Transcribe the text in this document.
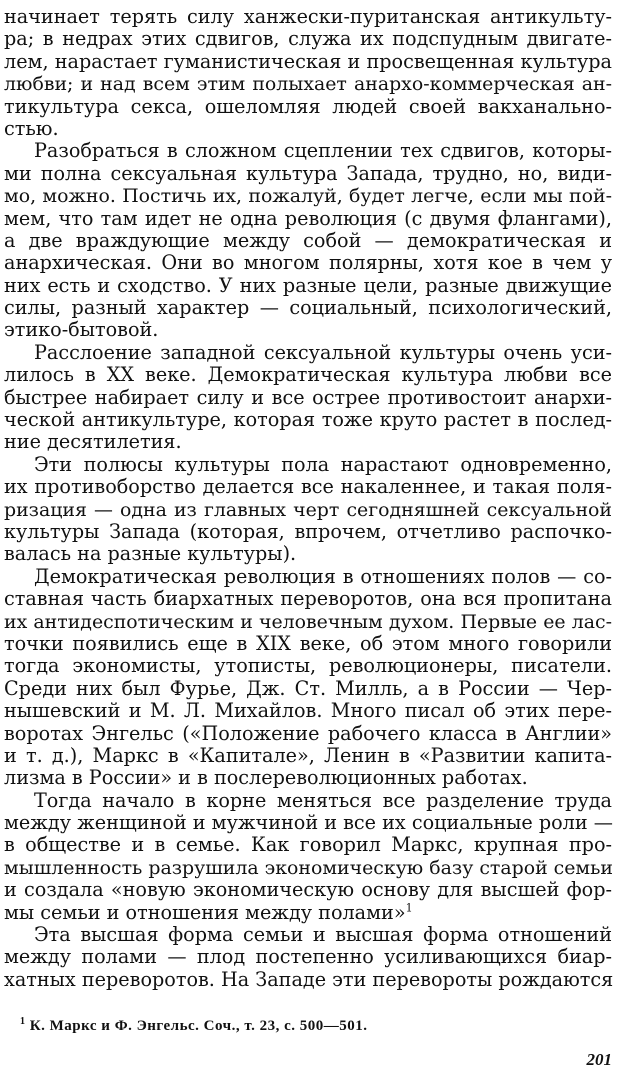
начинает терять силу ханжески-пуританская антикульту-
ра; в недрах этих сдвигов, служа их подспудным двигате-
лем, нарастает гуманистическая и просвещенная культура
любви; и над всем этим полыхает анархо-коммерческая ан-
тикультура секса, ошеломляя людей своей вакханально-
стью.
Разобраться в сложном сцеплении тех сдвигов, которы-
ми полна сексуальная культура Запада, трудно, но, види-
мо, можно. Постичь их, пожалуй, будет легче, если мы пой-
мем, что там идет не одна революция (с двумя флангами),
а две враждующие между собой — демократическая и
анархическая. Они во многом полярны, хотя кое в чем у
них есть и сходство. У них разные цели, разные движущие
силы, разный характер — социальный, психологический,
этико-бытовой.
Расслоение западной сексуальной культуры очень уси-
лилось в XX веке. Демократическая культура любви все
быстрее набирает силу и все острее противостоит анархи-
ческой антикультуре, которая тоже круто растет в послед-
ние десятилетия.
Эти полюсы культуры пола нарастают одновременно,
их противоборство делается все накаленнее, и такая поля-
ризация — одна из главных черт сегодняшней сексуальной
культуры Запада (которая, впрочем, отчетливо распочко-
валась на разные культуры).
Демократическая революция в отношениях полов — со-
ставная часть биархатных переворотов, она вся пропитана
их антидеспотическим и человечным духом. Первые ее лас-
точки появились еще в XIX веке, об этом много говорили
тогда экономисты, утописты, революционеры, писатели.
Среди них был Фурье, Дж. Ст. Милль, а в России — Чер-
нышевский и М. Л. Михайлов. Много писал об этих пере-
воротах Энгельс («Положение рабочего класса в Англии»
и т. д.), Маркс в «Капитале», Ленин в «Развитии капита-
лизма в России» и в послереволюционных работах.
Тогда начало в корне меняться все разделение труда
между женщиной и мужчиной и все их социальные роли —
в обществе и в семье. Как говорил Маркс, крупная про-
мышленность разрушила экономическую базу старой семьи
и создала «новую экономическую основу для высшей фор-
мы семьи и отношения между полами»$^1$
Эта высшая форма семьи и высшая форма отношений
между полами — плод постепенно усиливающихся биар-
хатных переворотов. На Западе эти перевороты рождаются
$^1$ К. Маркс и Ф. Энгельс. Соч., т. 23, с. 500—501.
201
